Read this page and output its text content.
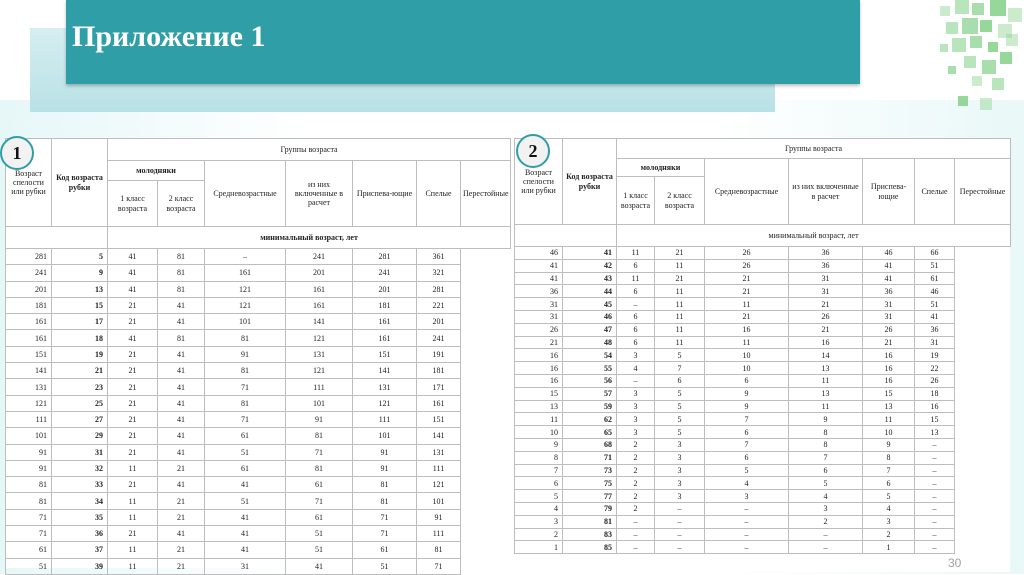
Приложение 1
Возраст спелости или рубки	Код возраста рубки	Группы возраста						
		молодняки		Средневозрастные	из них включенные в расчет	Приспева-ющие	Спелые	Перестойные
		1 класс возраста	2 класс возраста					
		минимальный возраст, лет						
281	5		41	81	–	241	281	361	
241	9		41	81	161	201	241	321	
201	13		41	81	121	161	201	281	
181	15		21	41	121	161	181	221	
161	17		21	41	101	141	161	201	
161	18		41	81	81	121	161	241	
151	19		21	41	91	131	151	191	
141	21		21	41	81	121	141	181	
131	23		21	41	71	111	131	171	
121	25		21	41	81	101	121	161	
111	27		21	41	71	91	111	151	
101	29		21	41	61	81	101	141	
91	31		21	41	51	71	91	131	
91	32		11	21	61	81	91	111	
81	33		21	41	41	61	81	121	
81	34		11	21	51	71	81	101	
71	35		11	21	41	61	71	91	
71	36		21	41	41	51	71	111	
61	37		11	21	41	51	61	81	
51	39		11	21	31	41	51	71	
Возраст спелости или рубки	Код возраста рубки	Группы возраста						
		молодняки		Средневозрастные	из них включенные в расчет	Приспева-ющие	Спелые	Перестойные
		1 класс возраста	2 класс возраста					
		минимальный возраст, лет						
46	41		11	21	26	36	46	66	
41	42		6	11	26	36	41	51	
41	43		11	21	21	31	41	61	
36	44		6	11	21	31	36	46	
31	45		–	11	11	21	31	51	
31	46		6	11	21	26	31	41	
26	47		6	11	16	21	26	36	
21	48		6	11	11	16	21	31	
16	54		3	5	10	14	16	19	
16	55		4	7	10	13	16	22	
16	56		–	6	6	11	16	26	
15	57		3	5	9	13	15	18	
13	59		3	5	9	11	13	16	
11	62		3	5	7	9	11	15	
10	65		3	5	6	8	10	13	
9	68		2	3	7	8	9	–	
8	71		2	3	6	7	8	–	
7	73		2	3	5	6	7	–	
6	75		2	3	4	5	6	–	
5	77		2	3	3	4	5	–	
4	79		2	–	–	3	4	–	
3	81		–	–	–	2	3	–	
2	83		–	–	–	–	2	–	
1	85		–	–	–	–	1	–	
1	2
30
